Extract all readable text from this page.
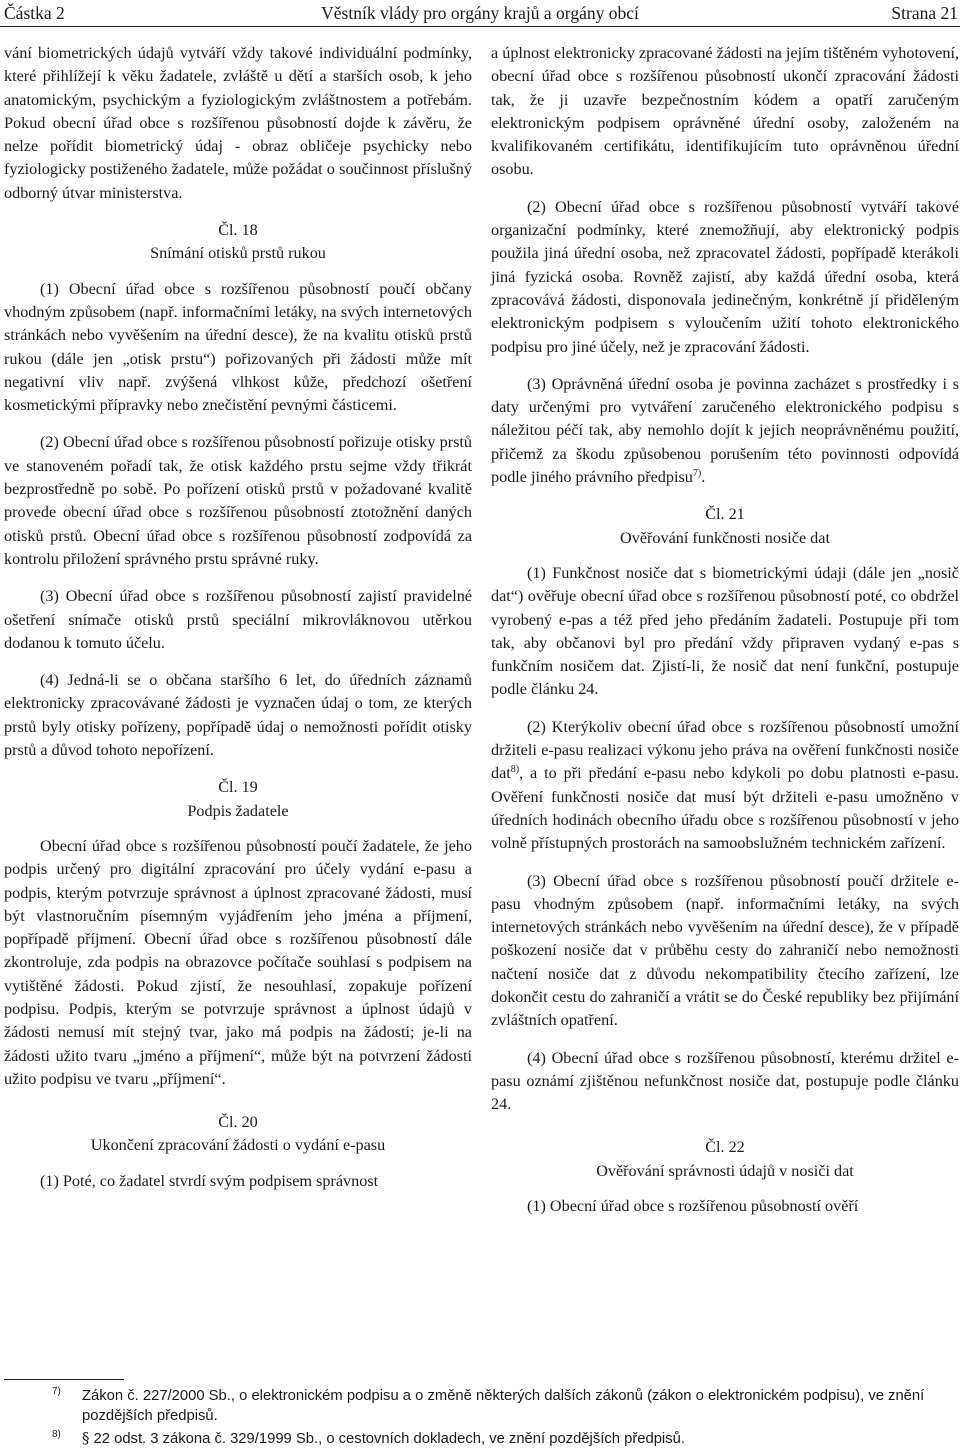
Částka 2	Věstník vlády pro orgány krajů a orgány obcí	Strana 21

vání biometrických údajů vytváří vždy takové individuální podmínky, které přihlížejí k věku žadatele, zvláště u dětí a starších osob, k jeho anatomickým, psychickým a fyziologickým zvláštnostem a potřebám. Pokud obecní úřad obce s rozšířenou působností dojde k závěru, že nelze pořídit biometrický údaj - obraz obličeje psychicky nebo fyziologicky postiženého žadatele, může požádat o součinnost příslušný odborný útvar ministerstva.

Čl. 18
Snímání otisků prstů rukou

(1) Obecní úřad obce s rozšířenou působností poučí občany vhodným způsobem (např. informačními letáky, na svých internetových stránkách nebo vyvěšením na úřední desce), že na kvalitu otisků prstů rukou (dále jen „otisk prstu“) pořizovaných při žádosti může mít negativní vliv např. zvýšená vlhkost kůže, předchozí ošetření kosmetickými přípravky nebo znečistění pevnými částicemi.

(2) Obecní úřad obce s rozšířenou působností pořizuje otisky prstů ve stanoveném pořadí tak, že otisk každého prstu sejme vždy třikrát bezprostředně po sobě. Po pořízení otisků prstů v požadované kvalitě provede obecní úřad obce s rozšířenou působností ztotožnění daných otisků prstů. Obecní úřad obce s rozšířenou působností zodpovídá za kontrolu přiložení správného prstu správné ruky.

(3) Obecní úřad obce s rozšířenou působností zajistí pravidelné ošetření snímače otisků prstů speciální mikrovláknovou utěrkou dodanou k tomuto účelu.

(4) Jedná-li se o občana staršího 6 let, do úředních záznamů elektronicky zpracovávané žádosti je vyznačen údaj o tom, ze kterých prstů byly otisky pořízeny, popřípadě údaj o nemožnosti pořídit otisky prstů a důvod tohoto nepořízení.

Čl. 19
Podpis žadatele

Obecní úřad obce s rozšířenou působností poučí žadatele, že jeho podpis určený pro digitální zpracování pro účely vydání e-pasu a podpis, kterým potvrzuje správnost a úplnost zpracované žádosti, musí být vlastnoručním písemným vyjádřením jeho jména a příjmení, popřípadě příjmení. Obecní úřad obce s rozšířenou působností dále zkontroluje, zda podpis na obrazovce počítače souhlasí s podpisem na vytištěné žádosti. Pokud zjistí, že nesouhlasí, zopakuje pořízení podpisu. Podpis, kterým se potvrzuje správnost a úplnost údajů v žádosti nemusí mít stejný tvar, jako má podpis na žádosti; je-li na žádosti užito tvaru „jméno a příjmení“, může být na potvrzení žádosti užito podpisu ve tvaru „příjmení“.

Čl. 20
Ukončení zpracování žádosti o vydání e-pasu

(1) Poté, co žadatel stvrdí svým podpisem správnost

a úplnost elektronicky zpracované žádosti na jejím tištěném vyhotovení, obecní úřad obce s rozšířenou působností ukončí zpracování žádosti tak, že ji uzavře bezpečnostním kódem a opatří zaručeným elektronickým podpisem oprávněné úřední osoby, založeném na kvalifikovaném certifikátu, identifikujícím tuto oprávněnou úřední osobu.

(2) Obecní úřad obce s rozšířenou působností vytváří takové organizační podmínky, které znemožňují, aby elektronický podpis použila jiná úřední osoba, než zpracovatel žádosti, popřípadě kterákoli jiná fyzická osoba. Rovněž zajistí, aby každá úřední osoba, která zpracovává žádosti, disponovala jedinečným, konkrétně jí přiděleným elektronickým podpisem s vyloučením užití tohoto elektronického podpisu pro jiné účely, než je zpracování žádosti.

(3) Oprávněná úřední osoba je povinna zacházet s prostředky i s daty určenými pro vytváření zaručeného elektronického podpisu s náležitou péčí tak, aby nemohlo dojít k jejich neoprávněnému použití, přičemž za škodu způsobenou porušením této povinnosti odpovídá podle jiného právního předpisu$^{7)}$.

Čl. 21
Ověřování funkčnosti nosiče dat

(1) Funkčnost nosiče dat s biometrickými údaji (dále jen „nosič dat“) ověřuje obecní úřad obce s rozšířenou působností poté, co obdržel vyrobený e-pas a též před jeho předáním žadateli. Postupuje při tom tak, aby občanovi byl pro předání vždy připraven vydaný e-pas s funkčním nosičem dat. Zjistí-li, že nosič dat není funkční, postupuje podle článku 24.

(2) Kterýkoliv obecní úřad obce s rozšířenou působností umožní držiteli e-pasu realizaci výkonu jeho práva na ověření funkčnosti nosiče dat$^{8)}$, a to při předání e-pasu nebo kdykoli po dobu platnosti e-pasu. Ověření funkčnosti nosiče dat musí být držiteli e-pasu umožněno v úředních hodinách obecního úřadu obce s rozšířenou působností v jeho volně přístupných prostorách na samoobslužném technickém zařízení.

(3) Obecní úřad obce s rozšířenou působností poučí držitele e-pasu vhodným způsobem (např. informačními letáky, na svých internetových stránkách nebo vyvěšením na úřední desce), že v případě poškození nosiče dat v průběhu cesty do zahraničí nebo nemožnosti načtení nosiče dat z důvodu nekompatibility čtecího zařízení, lze dokončit cestu do zahraničí a vrátit se do České republiky bez přijímání zvláštních opatření.

(4) Obecní úřad obce s rozšířenou působností, kterému držitel e-pasu oznámí zjištěnou nefunkčnost nosiče dat, postupuje podle článku 24.

Čl. 22
Ověřování správnosti údajů v nosiči dat

(1) Obecní úřad obce s rozšířenou působností ověří

7) Zákon č. 227/2000 Sb., o elektronickém podpisu a o změně některých dalších zákonů (zákon o elektronickém podpisu), ve znění pozdějších předpisů.
8) § 22 odst. 3 zákona č. 329/1999 Sb., o cestovních dokladech, ve znění pozdějších předpisů.
